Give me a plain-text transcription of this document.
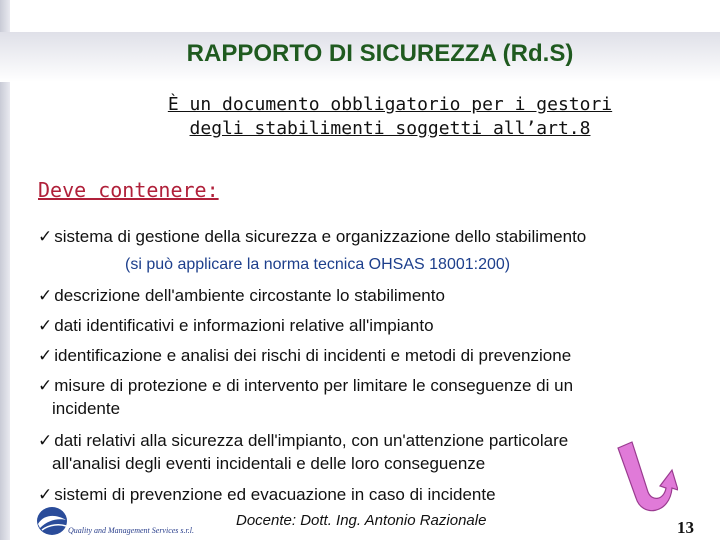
RAPPORTO DI SICUREZZA (Rd.S)
È un documento obbligatorio per i gestori
degli stabilimenti soggetti all’art.8
Deve contenere:
✓ sistema di gestione della sicurezza e organizzazione dello stabilimento
(si può applicare la norma tecnica OHSAS 18001:200)
✓ descrizione dell'ambiente circostante lo stabilimento
✓ dati identificativi e informazioni relative all'impianto
✓ identificazione e analisi dei rischi di incidenti e metodi di prevenzione
✓ misure di protezione e di intervento per limitare le conseguenze di un
incidente
✓ dati relativi alla sicurezza dell'impianto, con un'attenzione particolare
all'analisi degli eventi incidentali e delle loro conseguenze
✓ sistemi di prevenzione ed evacuazione in caso di incidente
Quality and Management Services s.r.l.
Docente: Dott. Ing. Antonio Razionale	13
